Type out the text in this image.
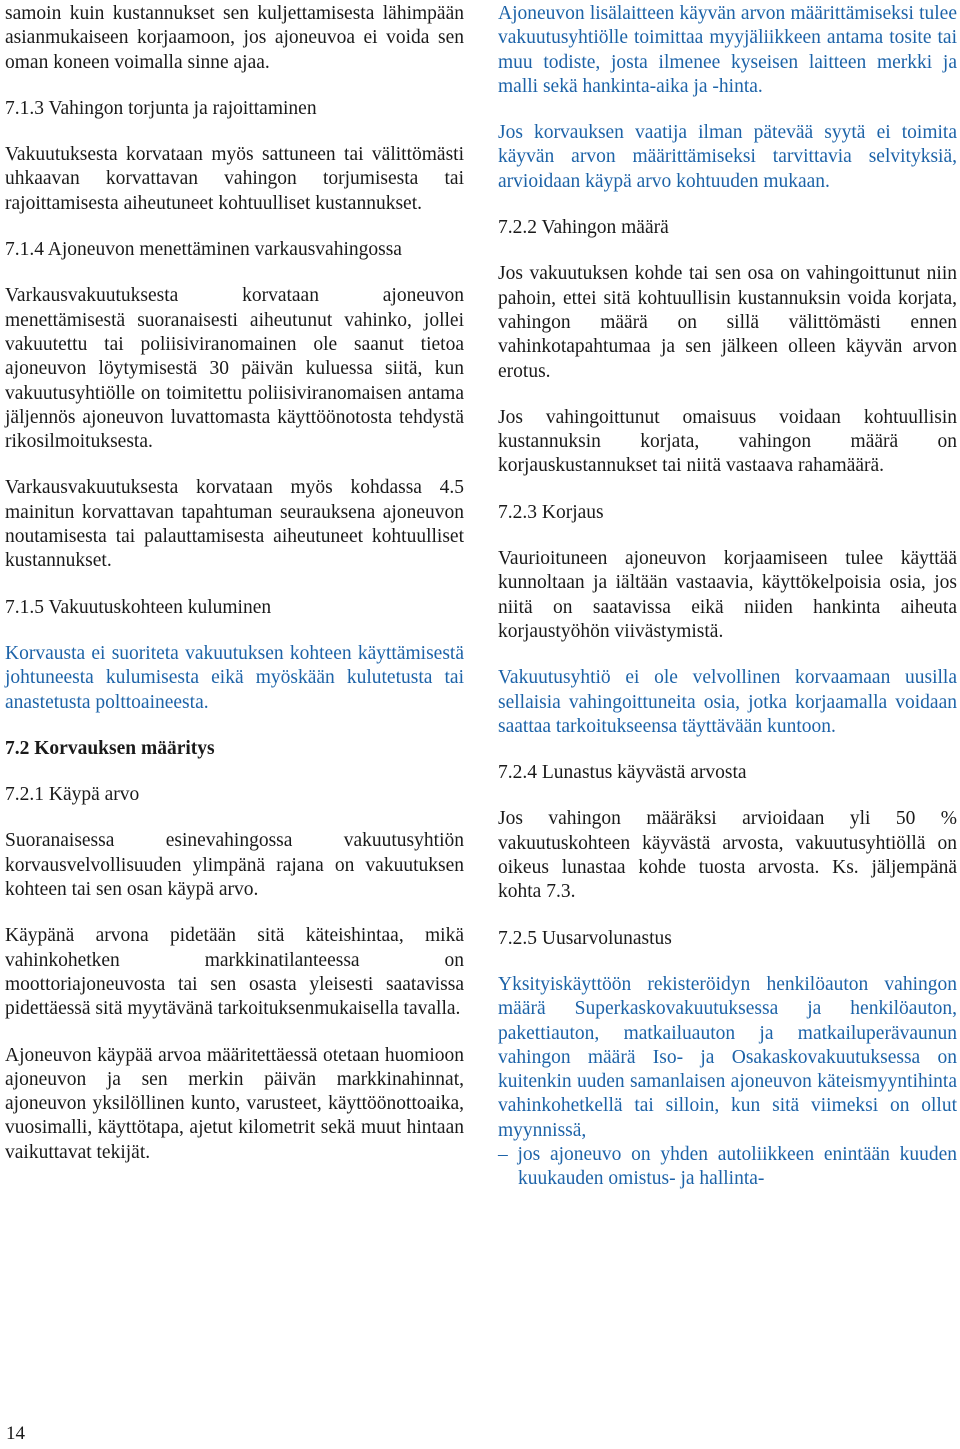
samoin kuin kustannukset sen kuljettamisesta lähimpään asianmukaiseen korjaamoon, jos ajoneuvoa ei voida sen oman koneen voimalla sinne ajaa.

7.1.3 Vahingon torjunta ja rajoittaminen

Vakuutuksesta korvataan myös sattuneen tai välittömästi uhkaavan korvattavan vahingon torjumisesta tai rajoittamisesta aiheutuneet kohtuulliset kustannukset.

7.1.4 Ajoneuvon menettäminen varkausvahingossa

Varkausvakuutuksesta korvataan ajoneuvon menettämisestä suoranaisesti aiheutunut vahinko, jollei vakuutettu tai poliisiviranomainen ole saanut tietoa ajoneuvon löytymisestä 30 päivän kuluessa siitä, kun vakuutusyhtiölle on toimitettu poliisiviranomaisen antama jäljennös ajoneuvon luvattomasta käyttöönotosta tehdystä rikosilmoituksesta.

Varkausvakuutuksesta korvataan myös kohdassa 4.5 mainitun korvattavan tapahtuman seurauksena ajoneuvon noutamisesta tai palauttamisesta aiheutuneet kohtuulliset kustannukset.

7.1.5 Vakuutuskohteen kuluminen

Korvausta ei suoriteta vakuutuksen kohteen käyttämisestä johtuneesta kulumisesta eikä myöskään kulutetusta tai anastetusta polttoaineesta.

7.2 Korvauksen määritys

7.2.1 Käypä arvo

Suoranaisessa esinevahingossa vakuutusyhtiön korvausvelvollisuuden ylimpänä rajana on vakuutuksen kohteen tai sen osan käypä arvo.

Käypänä arvona pidetään sitä käteishintaa, mikä vahinkohetken markkinatilanteessa on moottoriajoneuvosta tai sen osasta yleisesti saatavissa pidettäessä sitä myytävänä tarkoituksenmukaisella tavalla.

Ajoneuvon käypää arvoa määritettäessä otetaan huomioon ajoneuvon ja sen merkin päivän markkinahinnat, ajoneuvon yksilöllinen kunto, varusteet, käyttöönottoaika, vuosimalli, käyttötapa, ajetut kilometrit sekä muut hintaan vaikuttavat tekijät.

Ajoneuvon lisälaitteen käyvän arvon määrittämiseksi tulee vakuutusyhtiölle toimittaa myyjäliikkeen antama tosite tai muu todiste, josta ilmenee kyseisen laitteen merkki ja malli sekä hankinta-aika ja -hinta.

Jos korvauksen vaatija ilman pätevää syytä ei toimita käyvän arvon määrittämiseksi tarvittavia selvityksiä, arvioidaan käypä arvo kohtuuden mukaan.

7.2.2 Vahingon määrä

Jos vakuutuksen kohde tai sen osa on vahingoittunut niin pahoin, ettei sitä kohtuullisin kustannuksin voida korjata, vahingon määrä on sillä välittömästi ennen vahinkotapahtumaa ja sen jälkeen olleen käyvän arvon erotus.

Jos vahingoittunut omaisuus voidaan kohtuullisin kustannuksin korjata, vahingon määrä on korjauskustannukset tai niitä vastaava rahamäärä.

7.2.3 Korjaus

Vaurioituneen ajoneuvon korjaamiseen tulee käyttää kunnoltaan ja iältään vastaavia, käyttökelpoisia osia, jos niitä on saatavissa eikä niiden hankinta aiheuta korjaustyöhön viivästymistä.

Vakuutusyhtiö ei ole velvollinen korvaamaan uusilla sellaisia vahingoittuneita osia, jotka korjaamalla voidaan saattaa tarkoitukseensa täyttävään kuntoon.

7.2.4 Lunastus käyvästä arvosta

Jos vahingon määräksi arvioidaan yli 50 % vakuutuskohteen käyvästä arvosta, vakuutusyhtiöllä on oikeus lunastaa kohde tuosta arvosta. Ks. jäljempänä kohta 7.3.

7.2.5 Uusarvolunastus

Yksityiskäyttöön rekisteröidyn henkilöauton vahingon määrä Superkaskovakuutuksessa ja henkilöauton, pakettiauton, matkailuauton ja matkailuperävaunun vahingon määrä Iso- ja Osakaskovakuutuksessa on kuitenkin uuden samanlaisen ajoneuvon käteismyyntihinta vahinkohetkellä tai silloin, kun sitä viimeksi on ollut myynnissä,

– jos ajoneuvo on yhden autoliikkeen enintään kuuden kuukauden omistus- ja hallinta-

14
